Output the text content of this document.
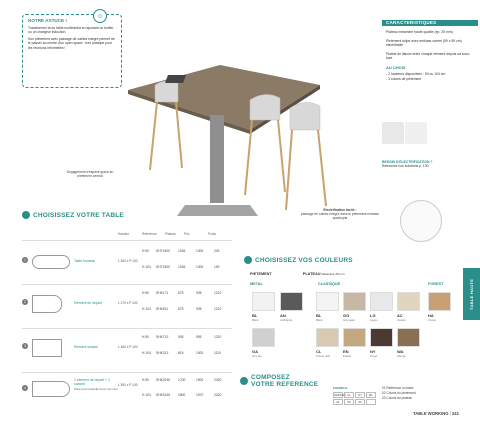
NOTRE ASTUCE !

Transformez la en table multimedia en ajoutant un boitier ou un chargeur induction.

Son pietement avec passage de cables integre permet de le passer au centre d'un open space : tres pratique pour les reunions informelles !

☺
Degagement d'espace grace au pietement central
Electrification facile :
passage de cables integre dans le pietement embase quadruple
CARACTERISTIQUES

Plateau melamine haute qualite (ep. 25 mm)

Pietement tulipe avec embase carree (59 x 59 cm) electrifiable

Platine de liaison entre chaque element depuis sa sous-face

AU CHOIX

- 2 hauteurs disponibles : 90 ou 104 cm

- 3 coloris de pietement

BESOIN D'ELECTRIFICATION ?
Retrouvez nos solutions p. 130
CHOISISSEZ VOTRE TABLE
Hauteur	Reference	Plateau	Prix	Poids
1	Table tonneau	L 260 x P 100
H.90 SHT1900 1035	1300	230
H.104 SHT1500 1035	1300	190
2	Element de depart	L 170 x P 100
H.90 SHK171	875	935	1210
H.104 SHK511	875	935	1210
3	Element suivant	L 180 x P 100
H.90 SHK713	905	995	1210
H.104 SHK313	815	1000	1110
4
1 element de depart + 1 suivant
Pietement partiellement commun
L 350 x P 100
H.90 SHK3190 1700	1900	2420
H.104 SHK3145 1800	1970	2320
CHOISISSEZ VOS COULEURS
PIETEMENT	PLATEAU Melamine 25 mm
METAL	CLASSIQUE	FOREST
BL
Blanc
AN
Anthracite
GA
Gris alu
BL
Blanc
GG
Gris galet
LG
Legno
AC
Acacia
CL
Chene clair
EN
Erable
NY
Noyer
WA
Wenge
HA
Chene
TABLE HAUTE
COMPOSEZ
VOTRE REFERENCE	EXEMPLE
SHK3190 CL	NY	BL
01	02	03
01 Reference ou base
02 Coloris du pietement
03 Coloris du plateau
TABLE WORKING | 241
